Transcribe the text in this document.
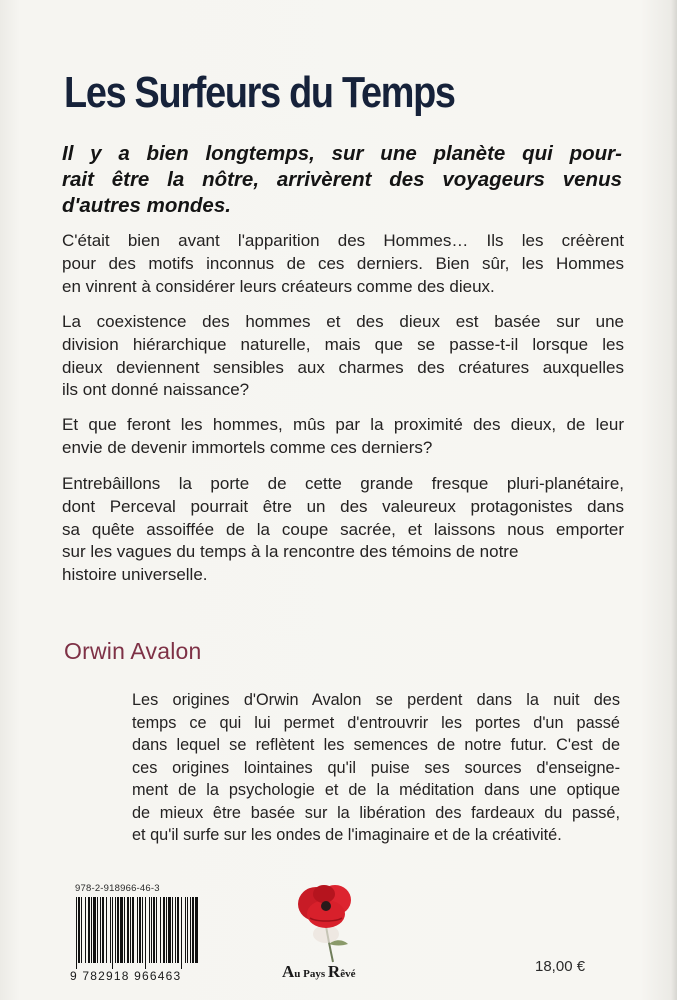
Les Surfeurs du Temps
Il y a bien longtemps, sur une planète qui pour-
rait être la nôtre, arrivèrent des voyageurs venus
d'autres mondes.
C'était bien avant l'apparition des Hommes… Ils les créèrent
pour des motifs inconnus de ces derniers. Bien sûr, les Hommes
en vinrent à considérer leurs créateurs comme des dieux.
La coexistence des hommes et des dieux est basée sur une
division hiérarchique naturelle, mais que se passe-t-il lorsque les
dieux deviennent sensibles aux charmes des créatures auxquelles
ils ont donné naissance?
Et que feront les hommes, mûs par la proximité des dieux, de leur
envie de devenir immortels comme ces derniers?
Entrebâillons la porte de cette grande fresque pluri-planétaire,
dont Perceval pourrait être un des valeureux protagonistes dans
sa quête assoiffée de la coupe sacrée, et laissons nous emporter
sur les vagues du temps à la rencontre des témoins de notre
histoire universelle.
Orwin Avalon
Les origines d'Orwin Avalon se perdent dans la nuit des
temps ce qui lui permet d'entrouvrir les portes d'un passé
dans lequel se reflètent les semences de notre futur. C'est de
ces origines lointaines qu'il puise ses sources d'enseigne-
ment de la psychologie et de la méditation dans une optique
de mieux être basée sur la libération des fardeaux du passé,
et qu'il surfe sur les ondes de l'imaginaire et de la créativité.
978-2-918966-46-3
9 782918 966463	Au Pays Rêvé	18,00 €
